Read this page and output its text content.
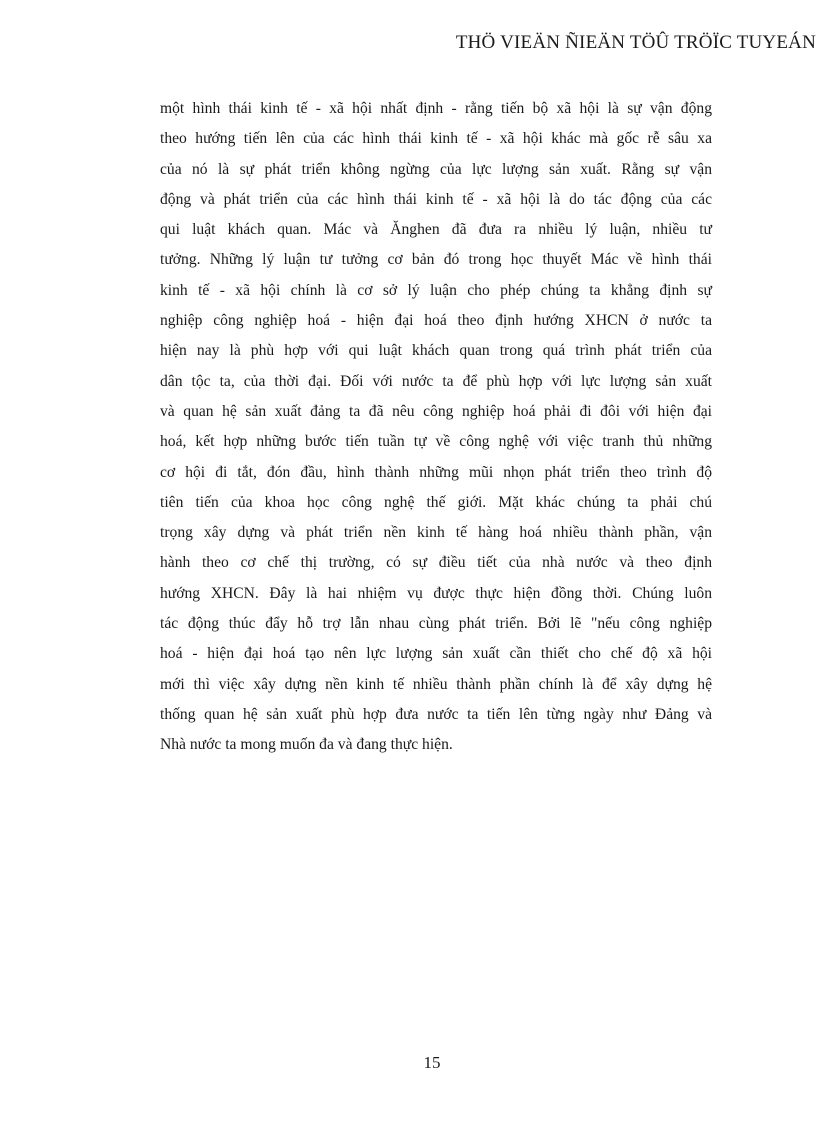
THÖ VIEÄN ÑIEÄN TÖÛ TRÖÏC TUYEÁN
một hình thái kinh tế - xã hội nhất định - rằng tiến bộ xã hội là sự vận động
theo hướng tiến lên của các hình thái kinh tế - xã hội khác mà gốc rễ sâu xa
của nó là sự phát triển không ngừng của lực lượng sản xuất. Rằng sự vận
động và phát triển của các hình thái kinh tế - xã hội là do tác động của các
qui luật khách quan. Mác và Ănghen đã đưa ra nhiều lý luận, nhiều tư
tưởng. Những lý luận tư tưởng cơ bản đó trong học thuyết Mác về hình thái
kinh tế - xã hội chính là cơ sở lý luận cho phép chúng ta khẳng định sự
nghiệp công nghiệp hoá - hiện đại hoá theo định hướng XHCN ở nước ta
hiện nay là phù hợp với qui luật khách quan trong quá trình phát triển của
dân tộc ta, của thời đại. Đối với nước ta để phù hợp với lực lượng sản xuất
và quan hệ sản xuất đảng ta đã nêu công nghiệp hoá phải đi đôi với hiện đại
hoá, kết hợp những bước tiến tuần tự về công nghệ với việc tranh thủ những
cơ hội đi tắt, đón đầu, hình thành những mũi nhọn phát triển theo trình độ
tiên tiến của khoa học công nghệ thế giới. Mặt khác chúng ta phải chú
trọng xây dựng và phát triển nền kinh tế hàng hoá nhiều thành phần, vận
hành theo cơ chế thị trường, có sự điều tiết của nhà nước và theo định
hướng XHCN. Đây là hai nhiệm vụ được thực hiện đồng thời. Chúng luôn
tác động thúc đẩy hỗ trợ lẫn nhau cùng phát triển. Bởi lẽ "nếu công nghiệp
hoá - hiện đại hoá tạo nên lực lượng sản xuất cần thiết cho chế độ xã hội
mới thì việc xây dựng nền kinh tế nhiều thành phần chính là để xây dựng hệ
thống quan hệ sản xuất phù hợp đưa nước ta tiến lên từng ngày như Đảng và
Nhà nước ta mong muốn đa và đang thực hiện.
15
